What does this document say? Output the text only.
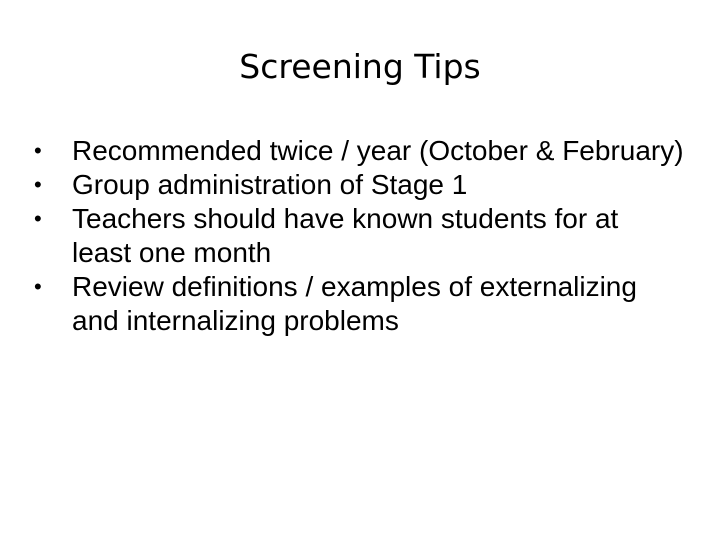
Screening Tips
•	Recommended twice / year (October & February)
•	Group administration of Stage 1
•	Teachers should have known students for at least one month
•	Review definitions / examples of externalizing and internalizing problems
